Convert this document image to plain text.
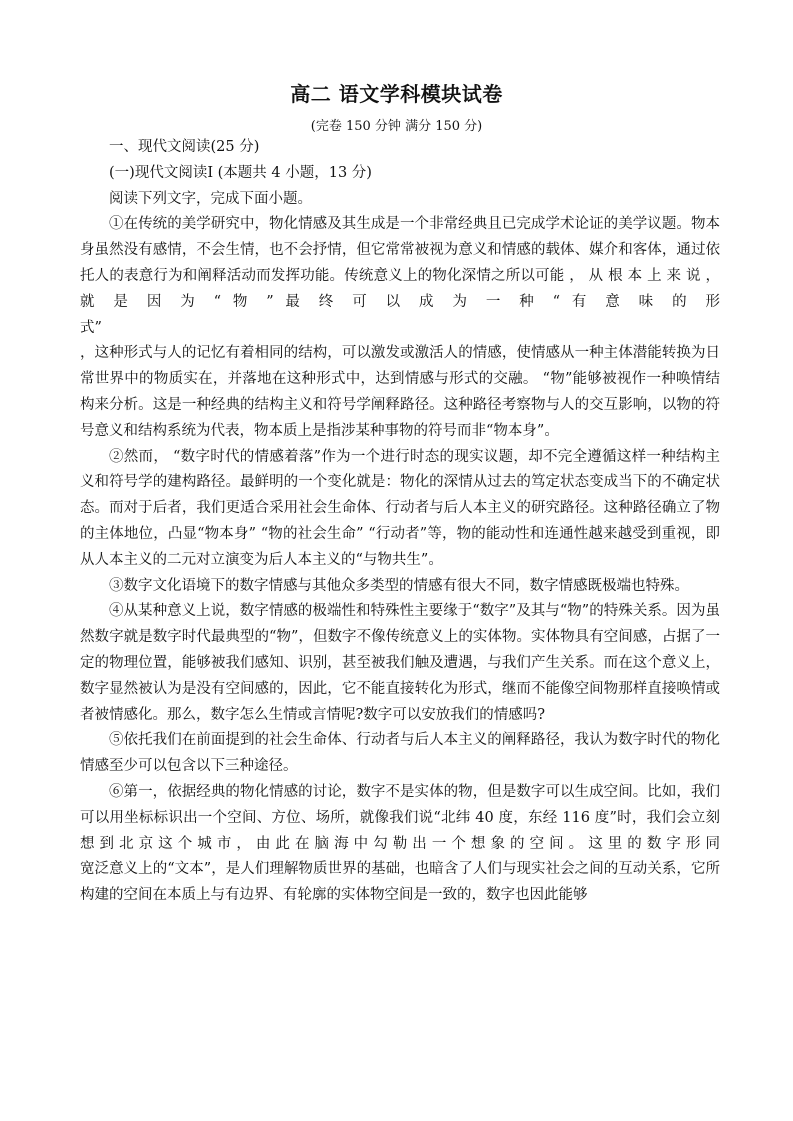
高二 语文学科模块试卷
(完卷 150 分钟 满分 150 分)

一、现代文阅读(25 分)

(一)现代文阅读Ⅰ (本题共 4 小题，13 分)

阅读下列文字，完成下面小题。

①在传统的美学研究中，物化情感及其生成是一个非常经典且已完成学术论证的美学议题。物本身虽然没有感情，不会生情，也不会抒情，但它常常被视为意义和情感的载体、媒介和客体，通过依托人的表意行为和阐释活动而发挥功能。传统意义上的物化深情之所以可能 ， 从 根 本 上 来 说 ， 就 是 因 为 “ 物 ” 最 终 可 以 成 为 一 种 “ 有 意 味 的 形

式”

，这种形式与人的记忆有着相同的结构，可以激发或激活人的情感，使情感从一种主体潜能转换为日常世界中的物质实在，并落地在这种形式中，达到情感与形式的交融。 “物”能够被视作一种唤情结构来分析。这是一种经典的结构主义和符号学阐释路径。这种路径考察物与人的交互影响，以物的符号意义和结构系统为代表，物本质上是指涉某种事物的符号而非“物本身”。

②然而， “数字时代的情感着落”作为一个进行时态的现实议题，却不完全遵循这样一种结构主义和符号学的建构路径。最鲜明的一个变化就是：物化的深情从过去的笃定状态变成当下的不确定状态。而对于后者，我们更适合采用社会生命体、行动者与后人本主义的研究路径。这种路径确立了物的主体地位，凸显“物本身” “物的社会生命” “行动者”等，物的能动性和连通性越来越受到重视，即从人本主义的二元对立演变为后人本主义的“与物共生”。

③数字文化语境下的数字情感与其他众多类型的情感有很大不同，数字情感既极端也特殊。

④从某种意义上说，数字情感的极端性和特殊性主要缘于“数字”及其与“物”的特殊关系。因为虽然数字就是数字时代最典型的“物”，但数字不像传统意义上的实体物。实体物具有空间感，占据了一定的物理位置，能够被我们感知、识别，甚至被我们触及遭遇，与我们产生关系。而在这个意义上，数字显然被认为是没有空间感的，因此，它不能直接转化为形式，继而不能像空间物那样直接唤情或者被情感化。那么，数字怎么生情或言情呢?数字可以安放我们的情感吗?

⑤依托我们在前面提到的社会生命体、行动者与后人本主义的阐释路径，我认为数字时代的物化情感至少可以包含以下三种途径。

⑥第一，依据经典的物化情感的讨论，数字不是实体的物，但是数字可以生成空间。比如，我们可以用坐标标识出一个空间、方位、场所，就像我们说“北纬 40 度，东经 116 度”时，我们会立刻想到北京这个城市，由此在脑海中勾勒出一个想象的空间。这里的数字形同

宽泛意义上的“文本”，是人们理解物质世界的基础，也暗含了人们与现实社会之间的互动关系，它所构建的空间在本质上与有边界、有轮廓的实体物空间是一致的，数字也因此能够
